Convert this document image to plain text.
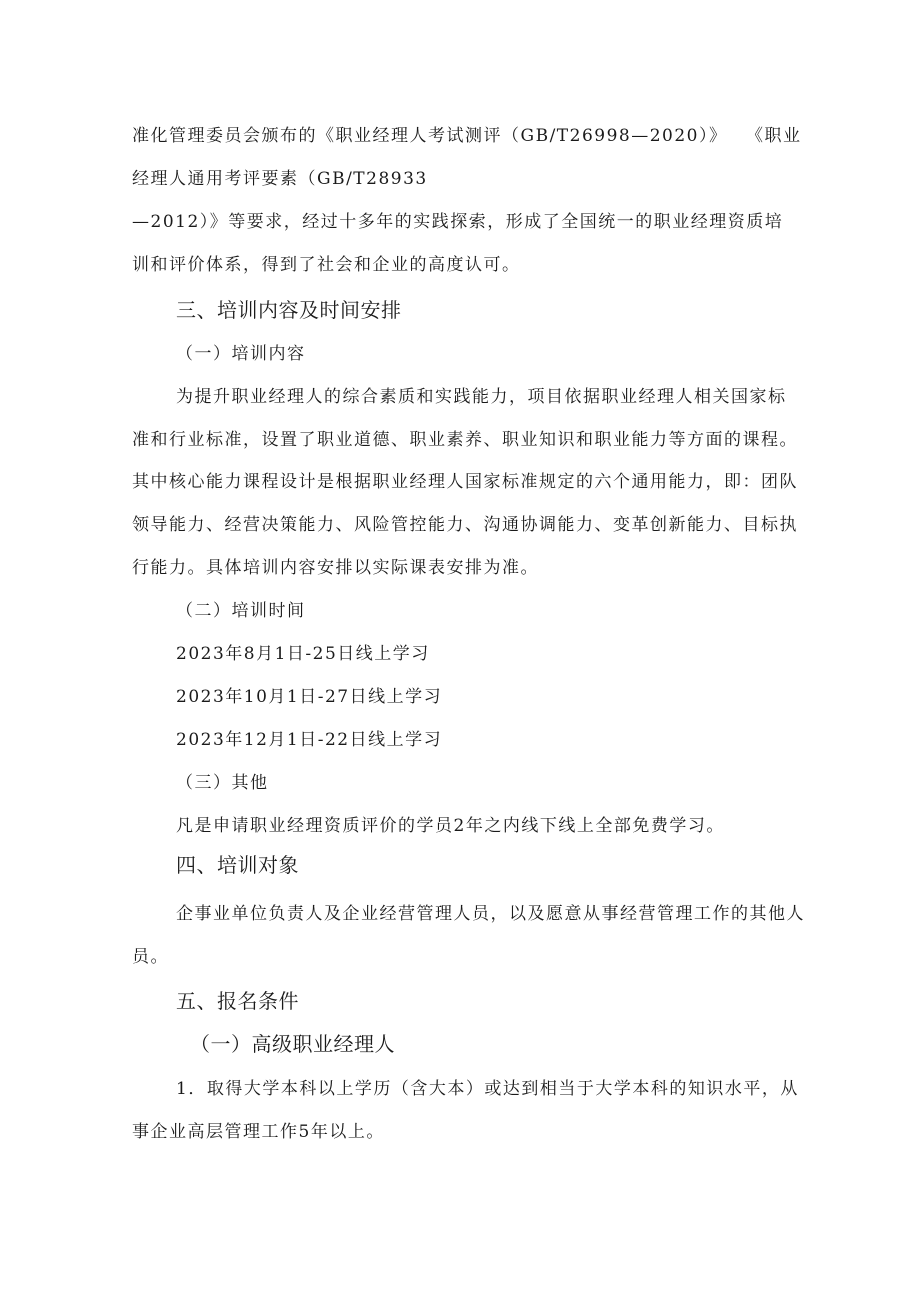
准化管理委员会颁布的《职业经理人考试测评（GB/T26998—2020）》 《职业
经理人通用考评要素（GB/T28933
—2012）》等要求，经过十多年的实践探索，形成了全国统一的职业经理资质培
训和评价体系，得到了社会和企业的高度认可。
三、培训内容及时间安排
（一）培训内容
为提升职业经理人的综合素质和实践能力，项目依据职业经理人相关国家标
准和行业标准，设置了职业道德、职业素养、职业知识和职业能力等方面的课程。
其中核心能力课程设计是根据职业经理人国家标准规定的六个通用能力，即：团队
领导能力、经营决策能力、风险管控能力、沟通协调能力、变革创新能力、目标执
行能力。具体培训内容安排以实际课表安排为准。
（二）培训时间
2023年8月1日-25日线上学习
2023年10月1日-27日线上学习
2023年12月1日-22日线上学习
（三）其他
凡是申请职业经理资质评价的学员2年之内线下线上全部免费学习。
四、培训对象
企事业单位负责人及企业经营管理人员，以及愿意从事经营管理工作的其他人
员。
五、报名条件
（一）高级职业经理人
1．取得大学本科以上学历（含大本）或达到相当于大学本科的知识水平，从
事企业高层管理工作5年以上。
